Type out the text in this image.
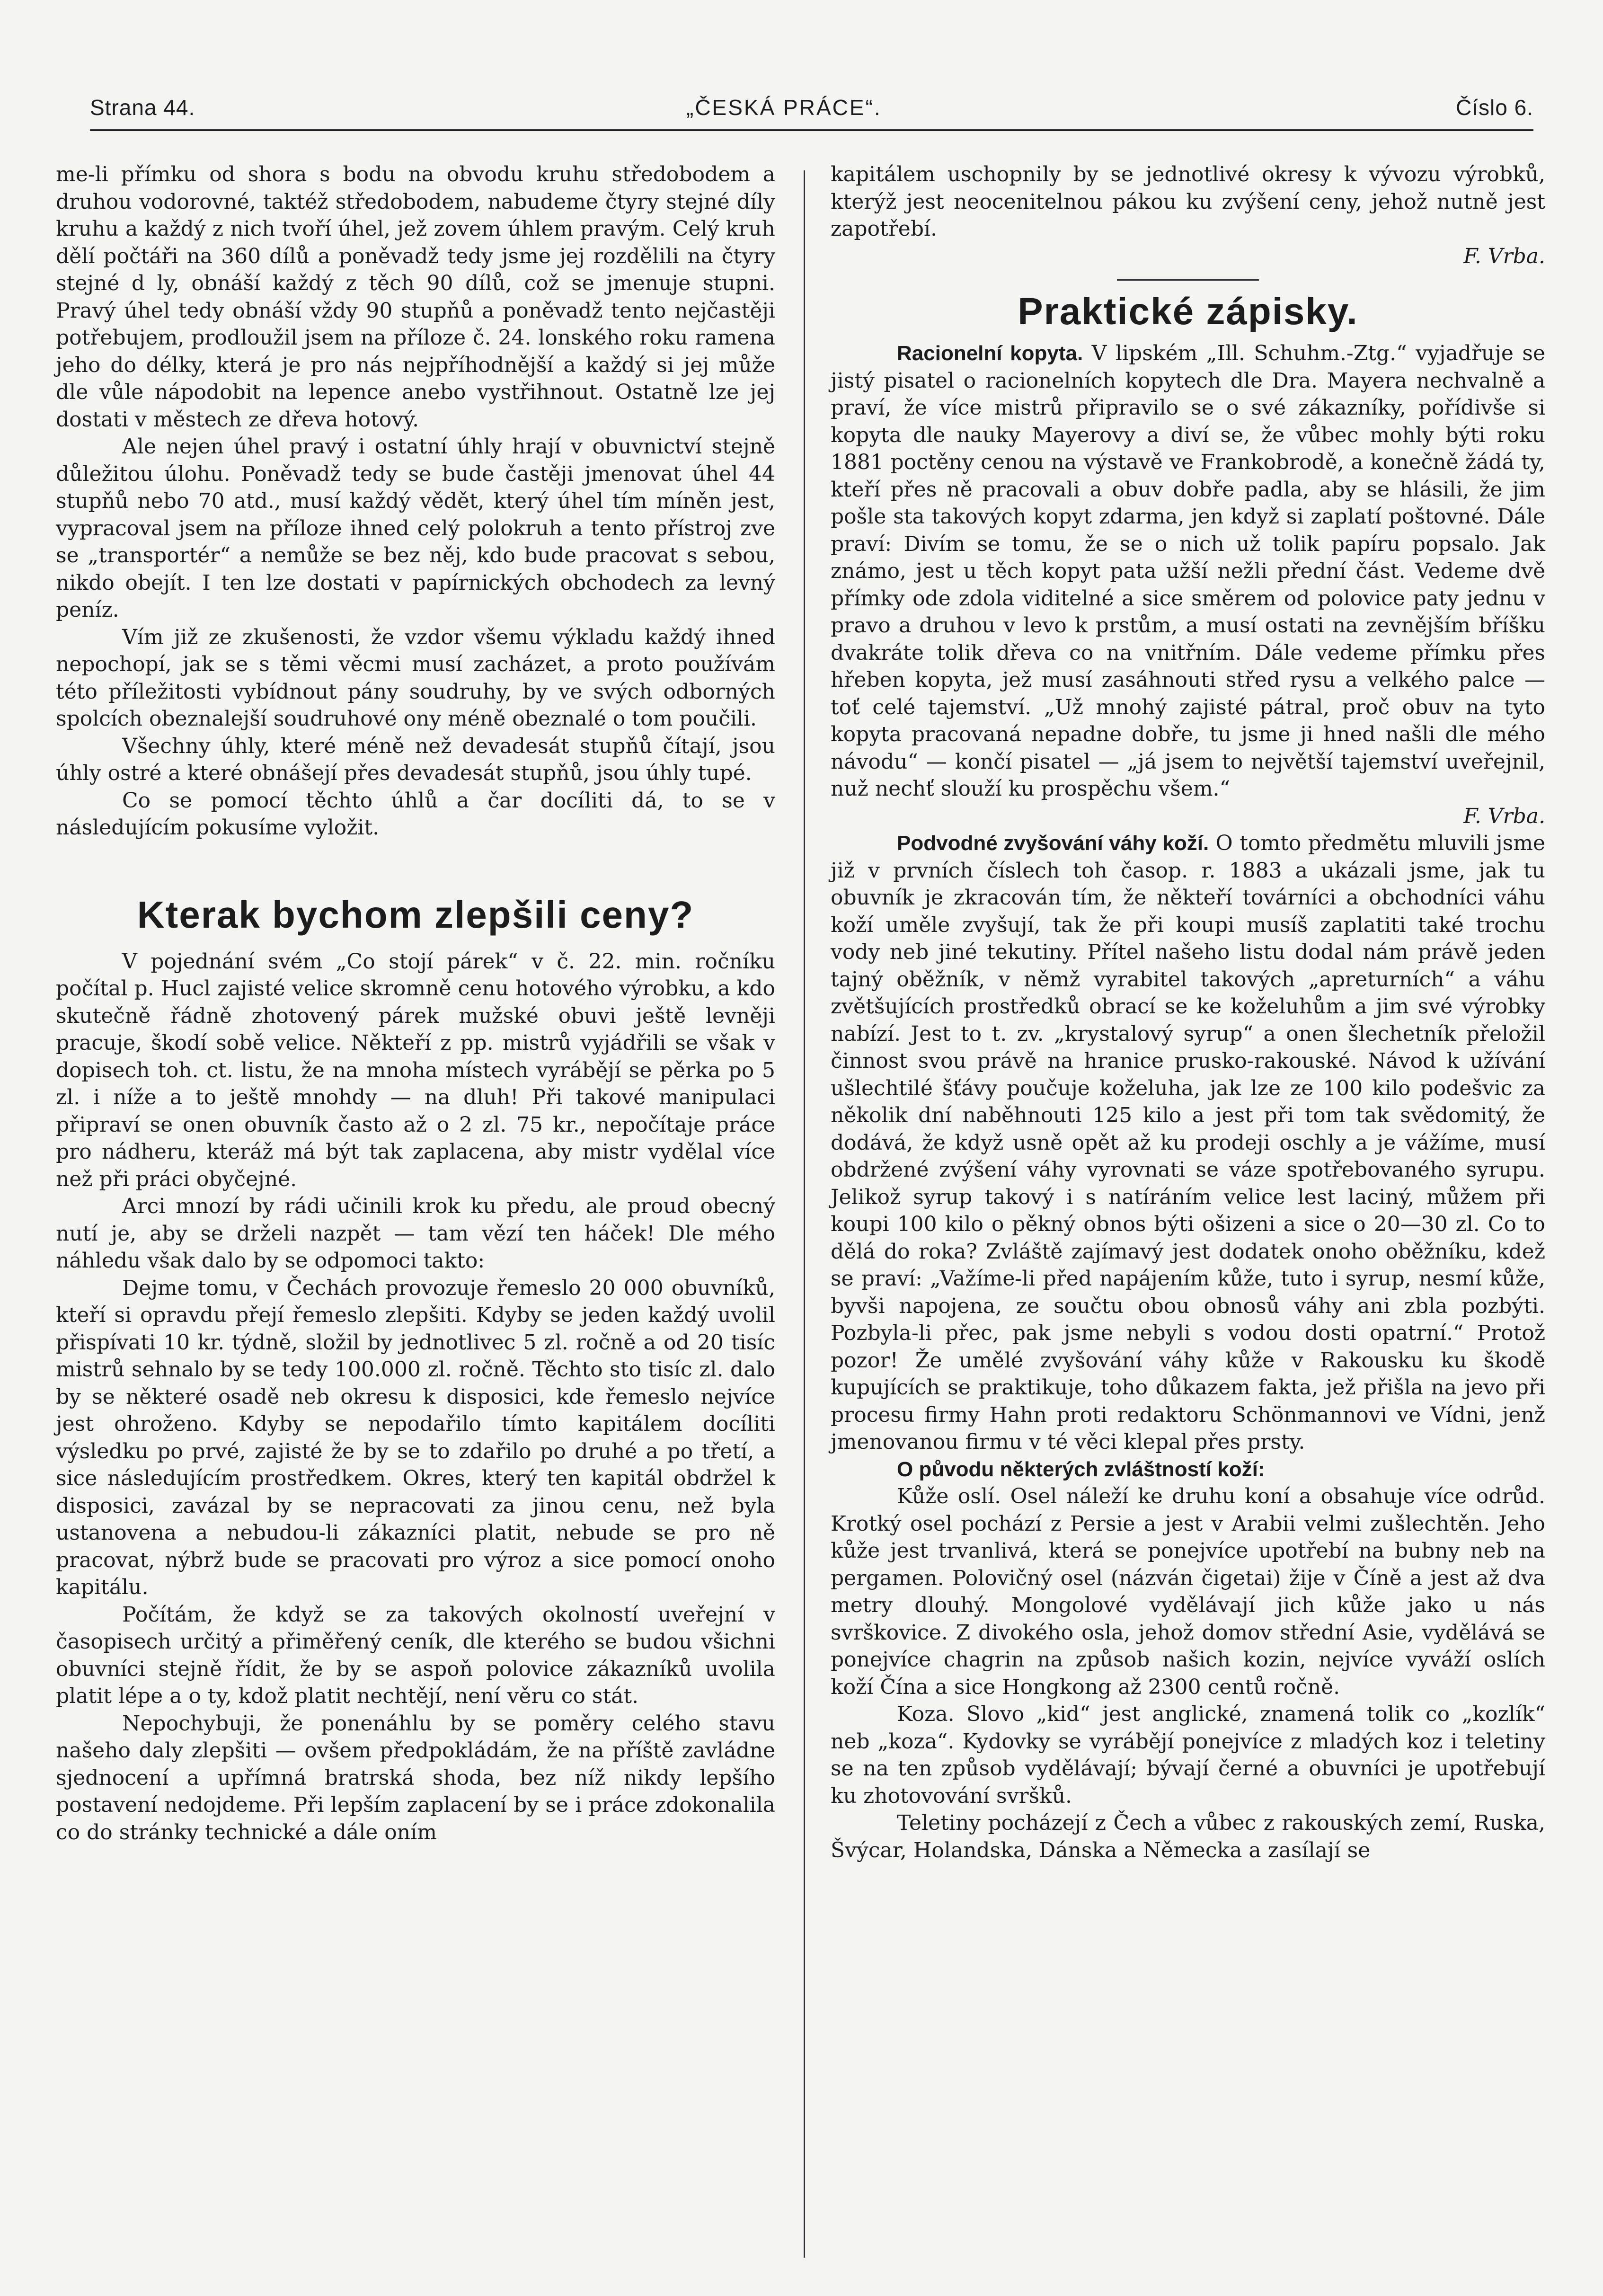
Strana 44.	„ČESKÁ PRÁCE“.	Číslo 6.

me-li přímku od shora s bodu na obvodu kruhu středobodem a druhou vodorovné, taktéž středobodem, nabudeme čtyry stejné díly kruhu a každý z nich tvoří úhel, jež zovem úhlem pravým. Celý kruh dělí počtáři na 360 dílů a poněvadž tedy jsme jej rozdělili na čtyry stejné d ly, obnáší každý z těch 90 dílů, což se jmenuje stupni. Pravý úhel tedy obnáší vždy 90 stupňů a poněvadž tento nejčastěji potřebujem, prodloužil jsem na příloze č. 24. lonského roku ramena jeho do délky, která je pro nás nejpříhodnější a každý si jej může dle vůle nápodobit na lepence anebo vystřihnout. Ostatně lze jej dostati v městech ze dřeva hotový.

Ale nejen úhel pravý i ostatní úhly hrají v obuvnictví stejně důležitou úlohu. Poněvadž tedy se bude častěji jmenovat úhel 44 stupňů nebo 70 atd., musí každý vědět, který úhel tím míněn jest, vypracoval jsem na příloze ihned celý polokruh a tento přístroj zve se „transportér“ a nemůže se bez něj, kdo bude pracovat s sebou, nikdo obejít. I ten lze dostati v papírnických obchodech za levný peníz.

Vím již ze zkušenosti, že vzdor všemu výkladu každý ihned nepochopí, jak se s těmi věcmi musí zacházet, a proto používám této příležitosti vybídnout pány soudruhy, by ve svých odborných spolcích obeznalejší soudruhové ony méně obeznalé o tom poučili.

Všechny úhly, které méně než devadesát stupňů čítají, jsou úhly ostré a které obnášejí přes devadesát stupňů, jsou úhly tupé.

Co se pomocí těchto úhlů a čar docíliti dá, to se v následujícím pokusíme vyložit.

Kterak bychom zlepšili ceny?

V pojednání svém „Co stojí párek“ v č. 22. min. ročníku počítal p. Hucl zajisté velice skromně cenu hotového výrobku, a kdo skutečně řádně zhotovený párek mužské obuvi ještě levněji pracuje, škodí sobě velice. Někteří z pp. mistrů vyjádřili se však v dopisech toh. ct. listu, že na mnoha místech vyrábějí se pěrka po 5 zl. i níže a to ještě mnohdy — na dluh! Při takové manipulaci připraví se onen obuvník často až o 2 zl. 75 kr., nepočítaje práce pro nádheru, kteráž má být tak zaplacena, aby mistr vydělal více než při práci obyčejné.

Arci mnozí by rádi učinili krok ku předu, ale proud obecný nutí je, aby se drželi nazpět — tam vězí ten háček! Dle mého náhledu však dalo by se odpomoci takto:

Dejme tomu, v Čechách provozuje řemeslo 20 000 obuvníků, kteří si opravdu přejí řemeslo zlepšiti. Kdyby se jeden každý uvolil přispívati 10 kr. týdně, složil by jednotlivec 5 zl. ročně a od 20 tisíc mistrů sehnalo by se tedy 100.000 zl. ročně. Těchto sto tisíc zl. dalo by se některé osadě neb okresu k disposici, kde řemeslo nejvíce jest ohroženo. Kdyby se nepodařilo tímto kapitálem docíliti výsledku po prvé, zajisté že by se to zdařilo po druhé a po třetí, a sice následujícím prostředkem. Okres, který ten kapitál obdržel k disposici, zavázal by se nepracovati za jinou cenu, než byla ustanovena a nebudou-li zákazníci platit, nebude se pro ně pracovat, nýbrž bude se pracovati pro výroz a sice pomocí onoho kapitálu.

Počítám, že když se za takových okolností uveřejní v časopisech určitý a přiměřený ceník, dle kterého se budou všichni obuvníci stejně řídit, že by se aspoň polovice zákazníků uvolila platit lépe a o ty, kdož platit nechtějí, není věru co stát.

Nepochybuji, že ponenáhlu by se poměry celého stavu našeho daly zlepšiti — ovšem předpokládám, že na příště zavládne sjednocení a upřímná bratrská shoda, bez níž nikdy lepšího postavení nedojdeme. Při lepším zaplacení by se i práce zdokonalila co do stránky technické a dále oním

kapitálem uschopnily by se jednotlivé okresy k vývozu výrobků, kterýž jest neocenitelnou pákou ku zvýšení ceny, jehož nutně jest zapotřebí.

F. Vrba.

Praktické zápisky.

Racionelní kopyta. V lipském „Ill. Schuhm.-Ztg.“ vyjadřuje se jistý pisatel o racionelních kopytech dle Dra. Mayera nechvalně a praví, že více mistrů připravilo se o své zákazníky, pořídivše si kopyta dle nauky Mayerovy a diví se, že vůbec mohly býti roku 1881 poctěny cenou na výstavě ve Frankobrodě, a konečně žádá ty, kteří přes ně pracovali a obuv dobře padla, aby se hlásili, že jim pošle sta takových kopyt zdarma, jen když si zaplatí poštovné. Dále praví: Divím se tomu, že se o nich už tolik papíru popsalo. Jak známo, jest u těch kopyt pata užší nežli přední část. Vedeme dvě přímky ode zdola viditelné a sice směrem od polovice paty jednu v pravo a druhou v levo k prstům, a musí ostati na zevnějším bříšku dvakráte tolik dřeva co na vnitřním. Dále vedeme přímku přes hřeben kopyta, jež musí zasáhnouti střed rysu a velkého palce — toť celé tajemství. „Už mnohý zajisté pátral, proč obuv na tyto kopyta pracovaná nepadne dobře, tu jsme ji hned našli dle mého návodu“ — končí pisatel — „já jsem to největší tajemství uveřejnil, nuž nechť slouží ku prospěchu všem.“

F. Vrba.

Podvodné zvyšování váhy koží. O tomto předmětu mluvili jsme již v prvních číslech toh časop. r. 1883 a ukázali jsme, jak tu obuvník je zkracován tím, že někteří továrníci a obchodníci váhu koží uměle zvyšují, tak že při koupi musíš zaplatiti také trochu vody neb jiné tekutiny. Přítel našeho listu dodal nám právě jeden tajný oběžník, v němž vyrabitel takových „apreturních“ a váhu zvětšujících prostředků obrací se ke koželuhům a jim své výrobky nabízí. Jest to t. zv. „krystalový syrup“ a onen šlechetník přeložil činnost svou právě na hranice prusko-rakouské. Návod k užívání ušlechtilé šťávy poučuje koželuha, jak lze ze 100 kilo podešvic za několik dní naběhnouti 125 kilo a jest při tom tak svědomitý, že dodává, že když usně opět až ku prodeji oschly a je vážíme, musí obdržené zvýšení váhy vyrovnati se váze spotřebovaného syrupu. Jelikož syrup takový i s natíráním velice lest laciný, můžem při koupi 100 kilo o pěkný obnos býti ošizeni a sice o 20—30 zl. Co to dělá do roka? Zvláště zajímavý jest dodatek onoho oběžníku, kdež se praví: „Važíme-li před napájením kůže, tuto i syrup, nesmí kůže, byvši napojena, ze součtu obou obnosů váhy ani zbla pozbýti. Pozbyla-li přec, pak jsme nebyli s vodou dosti opatrní.“ Protož pozor! Že umělé zvyšování váhy kůže v Rakousku ku škodě kupujících se praktikuje, toho důkazem fakta, jež přišla na jevo při procesu firmy Hahn proti redaktoru Schönmannovi ve Vídni, jenž jmenovanou firmu v té věci klepal přes prsty.

O původu některých zvláštností koží:

Kůže oslí. Osel náleží ke druhu koní a obsahuje více odrůd. Krotký osel pochází z Persie a jest v Arabii velmi zušlechtěn. Jeho kůže jest trvanlivá, která se ponejvíce upotřebí na bubny neb na pergamen. Polovičný osel (názván čigetai) žije v Číně a jest až dva metry dlouhý. Mongolové vydělávají jich kůže jako u nás svrškovice. Z divokého osla, jehož domov střední Asie, vydělává se ponejvíce chagrin na způsob našich kozin, nejvíce vyváží oslích koží Čína a sice Hongkong až 2300 centů ročně.

Koza. Slovo „kid“ jest anglické, znamená tolik co „kozlík“ neb „koza“. Kydovky se vyrábějí ponejvíce z mladých koz i teletiny se na ten způsob vydělávají; bývají černé a obuvníci je upotřebují ku zhotovování svršků.

Teletiny pocházejí z Čech a vůbec z rakouských zemí, Ruska, Švýcar, Holandska, Dánska a Německa a zasílají se
